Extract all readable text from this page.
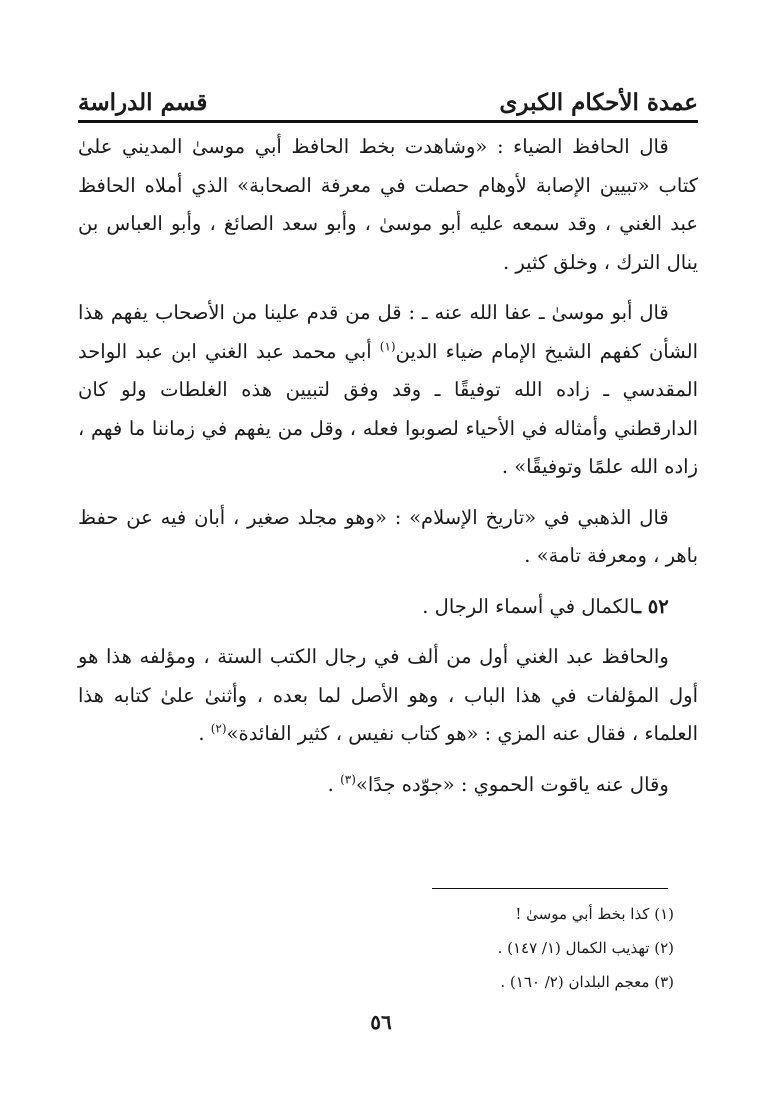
عمدة الأحكام الكبرى
قسم الدراسة

قال الحافظ الضياء : «وشاهدت بخط الحافظ أبي موسىٰ المديني علىٰ كتاب «تبيين الإصابة لأوهام حصلت في معرفة الصحابة» الذي أملاه الحافظ عبد الغني ، وقد سمعه عليه أبو موسىٰ ، وأبو سعد الصائغ ، وأبو العباس بن ينال الترك ، وخلق كثير .

قال أبو موسىٰ ـ عفا الله عنه ـ : قل من قدم علينا من الأصحاب يفهم هذا الشأن كفهم الشيخ الإمام ضياء الدين$^{(١)}$ أبي محمد عبد الغني ابن عبد الواحد المقدسي ـ زاده الله توفيقًا ـ وقد وفق لتبيين هذه الغلطات ولو كان الدارقطني وأمثاله في الأحياء لصوبوا فعله ، وقل من يفهم في زماننا ما فهم ، زاده الله علمًا وتوفيقًا» .

قال الذهبي في «تاريخ الإسلام» : «وهو مجلد صغير ، أبان فيه عن حفظ باهر ، ومعرفة تامة» .

٥٢ ـالكمال في أسماء الرجال .

والحافظ عبد الغني أول من ألف في رجال الكتب الستة ، ومؤلفه هذا هو أول المؤلفات في هذا الباب ، وهو الأصل لما بعده ، وأثنىٰ علىٰ كتابه هذا العلماء ، فقال عنه المزي : «هو كتاب نفيس ، كثير الفائدة»$^{(٢)}$ .

وقال عنه ياقوت الحموي : «جوّده جدًا»$^{(٣)}$ .

(١) كذا بخط أبي موسىٰ !

(٢) تهذيب الكمال (١/ ١٤٧) .

(٣) معجم البلدان (٢/ ١٦٠) .

٥٦
